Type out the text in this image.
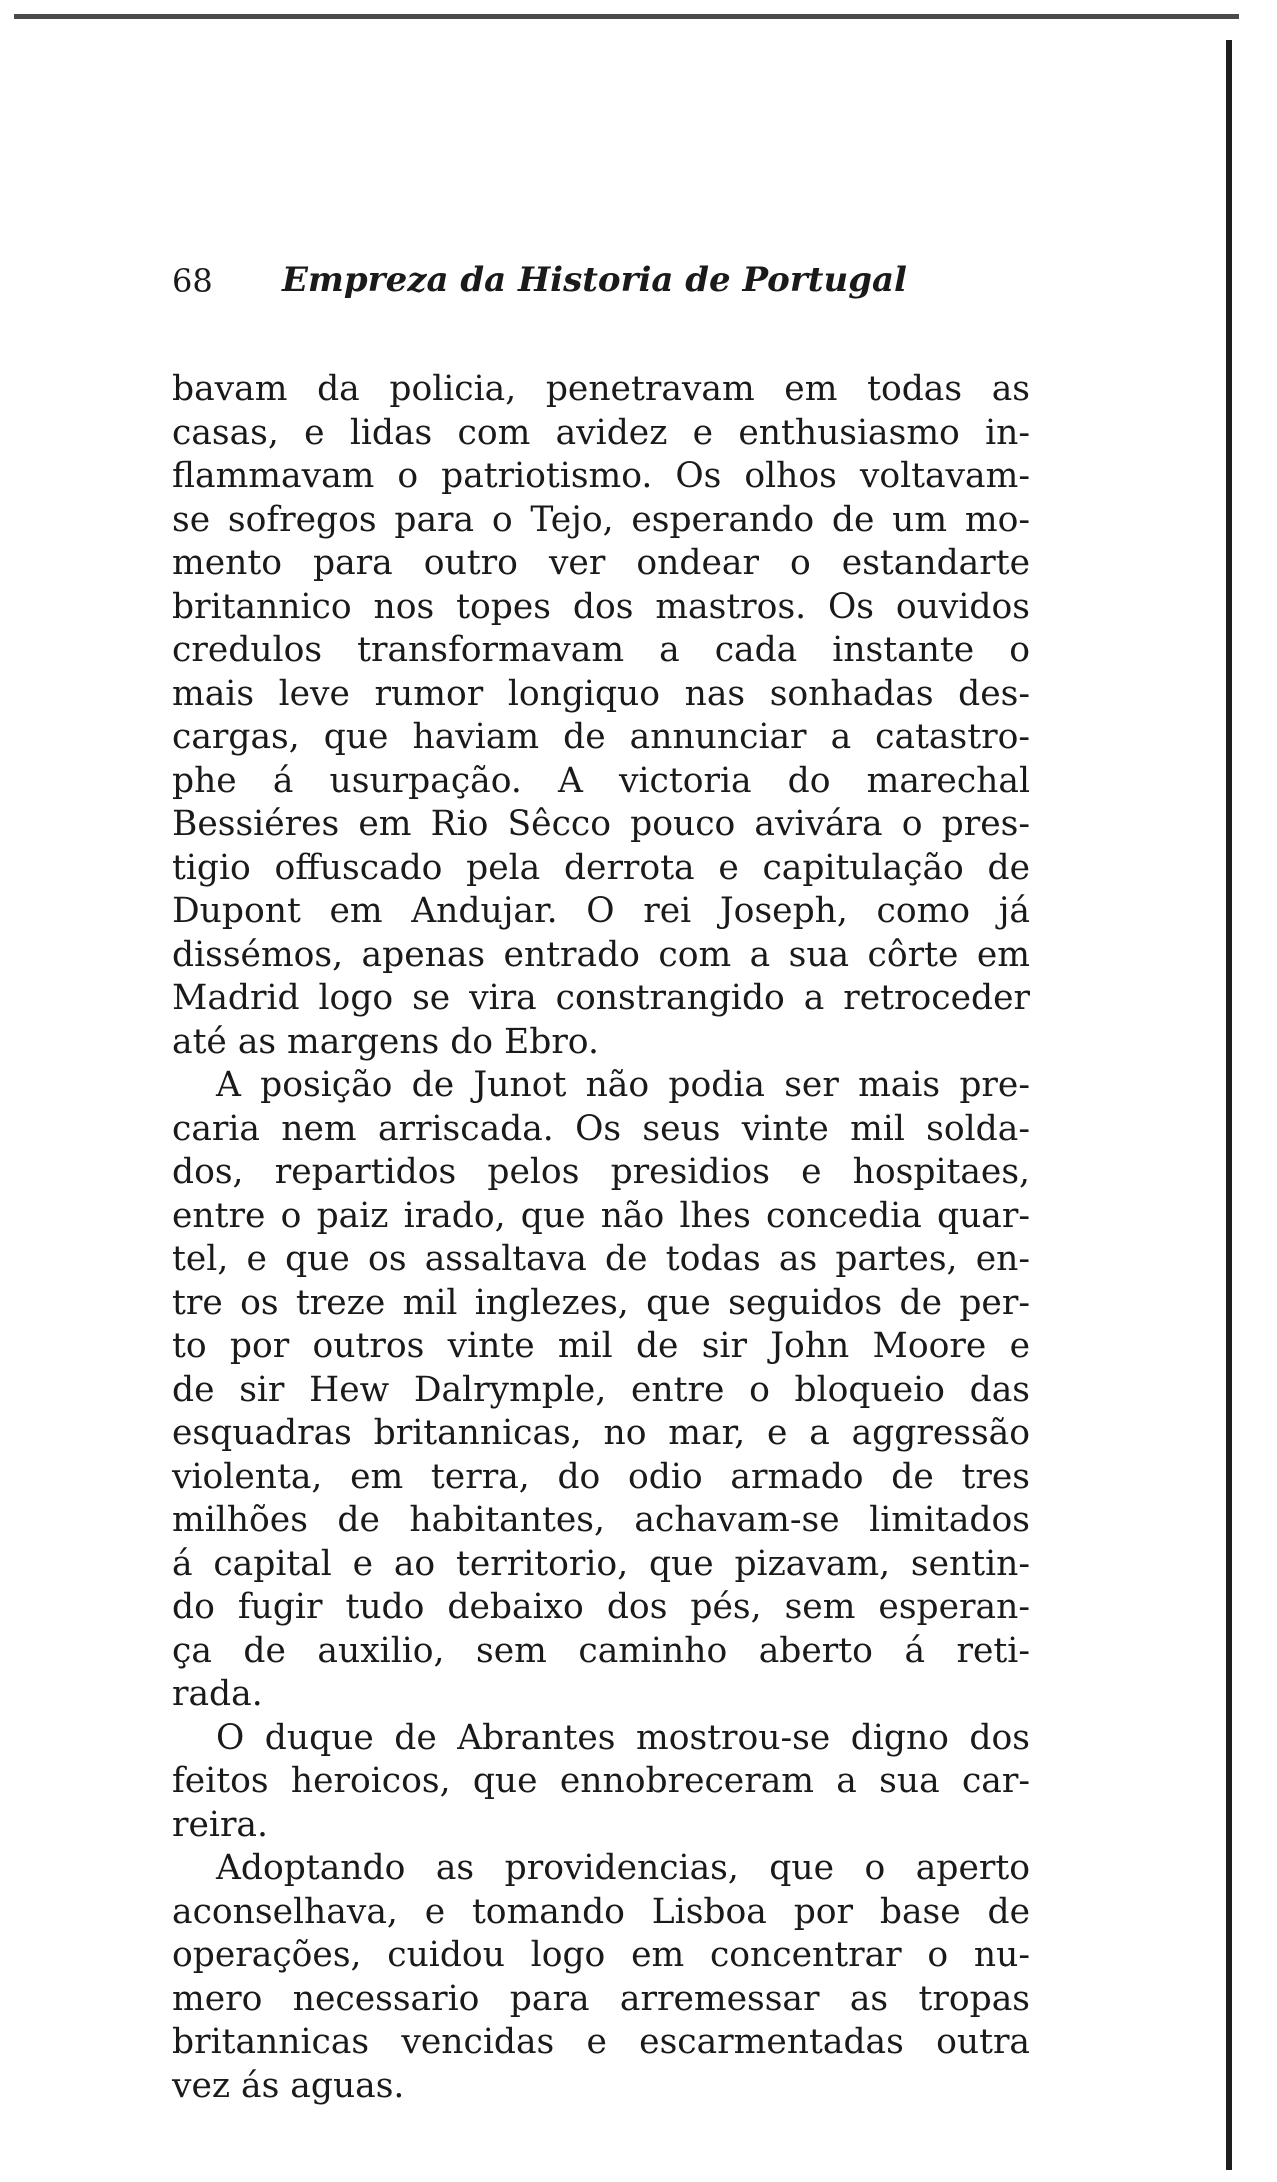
68 Empreza da Historia de Portugal
bavam da policia, penetravam em todas as
casas, e lidas com avidez e enthusiasmo in-
flammavam o patriotismo. Os olhos voltavam-
se sofregos para o Tejo, esperando de um mo-
mento para outro ver ondear o estandarte
britannico nos topes dos mastros. Os ouvidos
credulos transformavam a cada instante o
mais leve rumor longiquo nas sonhadas des-
cargas, que haviam de annunciar a catastro-
phe á usurpação. A victoria do marechal
Bessiéres em Rio Sêcco pouco avivára o pres-
tigio offuscado pela derrota e capitulação de
Dupont em Andujar. O rei Joseph, como já
dissémos, apenas entrado com a sua côrte em
Madrid logo se vira constrangido a retroceder
até as margens do Ebro.
A posição de Junot não podia ser mais pre-
caria nem arriscada. Os seus vinte mil solda-
dos, repartidos pelos presidios e hospitaes,
entre o paiz irado, que não lhes concedia quar-
tel, e que os assaltava de todas as partes, en-
tre os treze mil inglezes, que seguidos de per-
to por outros vinte mil de sir John Moore e
de sir Hew Dalrymple, entre o bloqueio das
esquadras britannicas, no mar, e a aggressão
violenta, em terra, do odio armado de tres
milhões de habitantes, achavam-se limitados
á capital e ao territorio, que pizavam, sentin-
do fugir tudo debaixo dos pés, sem esperan-
ça de auxilio, sem caminho aberto á reti-
rada.
O duque de Abrantes mostrou-se digno dos
feitos heroicos, que ennobreceram a sua car-
reira.
Adoptando as providencias, que o aperto
aconselhava, e tomando Lisboa por base de
operações, cuidou logo em concentrar o nu-
mero necessario para arremessar as tropas
britannicas vencidas e escarmentadas outra
vez ás aguas.
